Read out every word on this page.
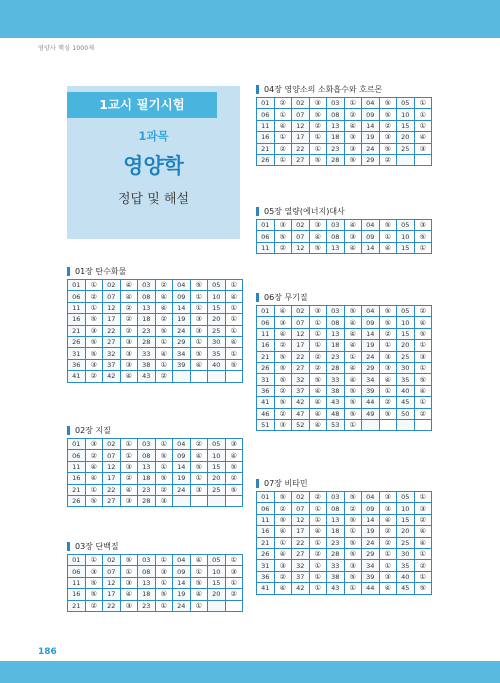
영양사 핵심 1000제
1교시 필기시험
1과목
영양학
정답 및 해설
01장 탄수화물
01	①	02	④	03	②	04	⑤	05	①
06	②	07	④	08	④	09	①	10	④
11	①	12	②	13	④	14	①	15	①
16	⑤	17	②	18	②	19	③	20	①
21	③	22	②	23	⑤	24	③	25	①
26	⑤	27	③	28	①	29	①	30	④
31	⑤	32	③	33	④	34	⑤	35	①
36	③	37	③	38	①	39	④	40	⑤
41	②	42	④	43	②				
02장 지질
01	③	02	①	03	①	04	②	05	③
06	②	07	①	08	⑤	09	④	10	④
11	④	12	③	13	①	14	⑤	15	⑤
16	④	17	②	18	⑤	19	①	20	②
21	①	22	④	23	②	24	③	25	⑤
26	⑤	27	③	28	③				
03장 단백질
01	①	02	⑤	03	①	04	④	05	①
06	③	07	①	08	③	09	①	10	③
11	⑤	12	③	13	①	14	⑤	15	①
16	⑤	17	④	18	⑤	19	④	20	②
21	②	22	③	23	①	24	①		
04장 영양소의 소화흡수와 호르몬
01	②	02	③	03	①	04	⑤	05	①
06	①	07	⑤	08	②	09	⑤	10	①
11	④	12	②	13	④	14	②	15	①
16	①	17	①	18	③	19	③	20	④
21	②	22	①	23	③	24	⑤	25	③
26	①	27	⑤	28	⑤	29	②		
05장 열량(에너지)대사
01	③	02	③	03	④	04	⑤	05	③
06	⑤	07	④	08	③	09	①	10	⑤
11	②	12	⑤	13	④	14	④	15	①
06장 무기질
01	④	02	③	03	⑤	04	⑤	05	②
06	③	07	①	08	④	09	⑤	10	④
11	④	12	①	13	④	14	②	15	⑤
16	②	17	①	18	④	19	①	20	①
21	⑤	22	②	23	①	24	③	25	③
26	⑤	27	②	28	④	29	③	30	①
31	⑤	32	⑤	33	④	34	④	35	⑤
36	②	37	④	38	⑤	39	①	40	④
41	⑤	42	④	43	⑤	44	②	45	①
46	②	47	④	48	⑤	49	⑤	50	②
51	③	52	④	53	①				
07장 비타민
01	⑤	02	②	03	⑤	04	③	05	①
06	②	07	①	08	②	09	③	10	③
11	⑤	12	①	13	⑤	14	④	15	②
16	④	17	④	18	①	19	②	20	④
21	①	22	①	23	⑤	24	②	25	④
26	④	27	②	28	⑤	29	①	30	①
31	③	32	①	33	③	34	①	35	②
36	②	37	①	38	⑤	39	③	40	①
41	④	42	①	43	①	44	④	45	⑤
186
